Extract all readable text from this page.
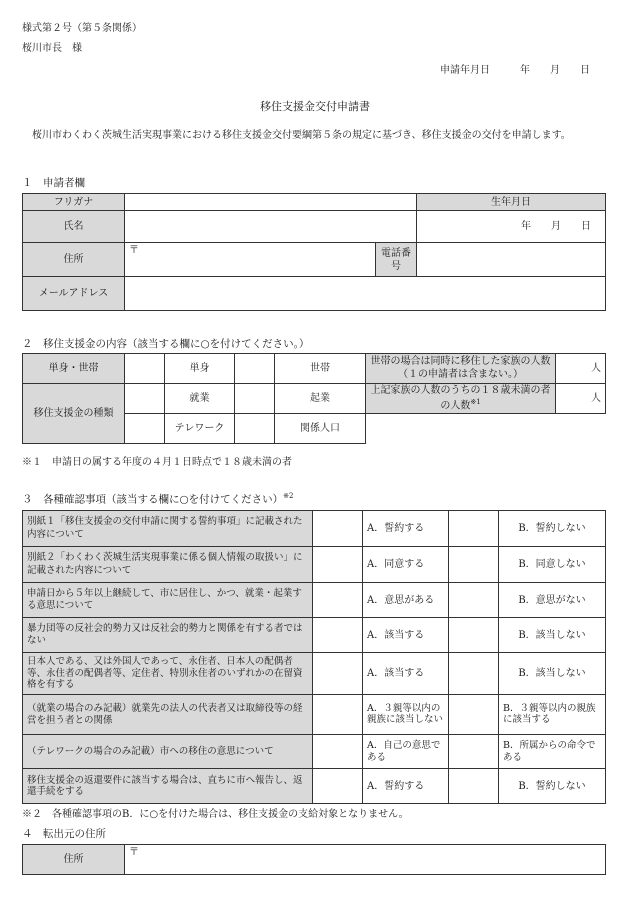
様式第２号（第５条関係）
桜川市長　様
申請年月日　　　年　　月　　日
移住支援金交付申請書
桜川市わくわく茨城生活実現事業における移住支援金交付要綱第５条の規定に基づき、移住支援金の交付を申請します。
１　申請者欄
フリガナ			生年月日
氏名			年　　月　　日
住所	〒	電話番号	
メールアドレス			
２　移住支援金の内容（該当する欄に○を付けてください。）
単身・世帯		単身		世帯	世帯の場合は同時に移住した家族の人数（１の申請者は含まない。）	人
移住支援金の種類		就業		起業	上記家族の人数のうちの１８歳未満の者の人数$^{※1}$	人
		テレワーク		関係人口		
※１　申請日の属する年度の４月１日時点で１８歳未満の者
３　各種確認事項（該当する欄に○を付けてください）$^{※2}$
別紙１「移住支援金の交付申請に関する誓約事項」に記載された内容について		A．誓約する		B．誓約しない
別紙２「わくわく茨城生活実現事業に係る個人情報の取扱い」に記載された内容について		A．同意する		B．同意しない
申請日から５年以上継続して、市に居住し、かつ、就業・起業する意思について		A．意思がある		B．意思がない
暴力団等の反社会的勢力又は反社会的勢力と関係を有する者ではない		A．該当する		B．該当しない
日本人である、又は外国人であって、永住者、日本人の配偶者等、永住者の配偶者等、定住者、特別永住者のいずれかの在留資格を有する		A．該当する		B．該当しない
（就業の場合のみ記載）就業先の法人の代表者又は取締役等の経営を担う者との関係		A．３親等以内の親族に該当しない		B．３親等以内の親族に該当する
（テレワークの場合のみ記載）市への移住の意思について		A．自己の意思である		B．所属からの命令である
移住支援金の返還要件に該当する場合は、直ちに市へ報告し、返還手続をする		A．誓約する		B．誓約しない
※２　各種確認事項のB．に○を付けた場合は、移住支援金の支給対象となりません。
４　転出元の住所
住所	〒
